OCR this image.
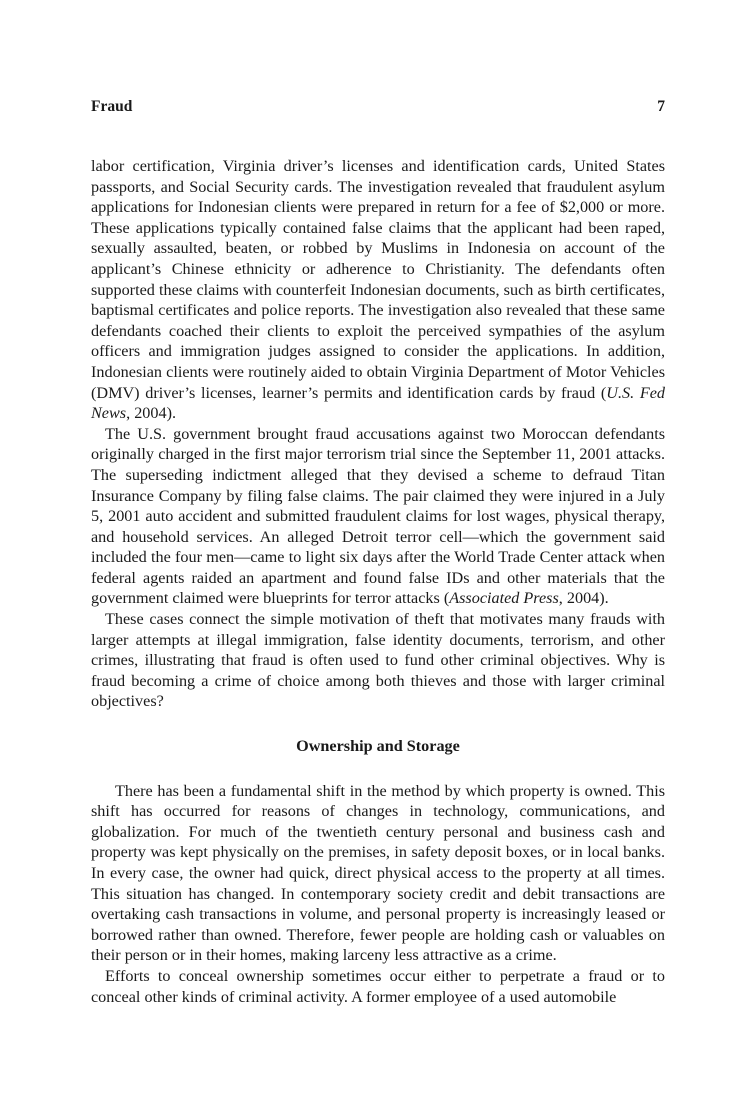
Fraud	7

labor certification, Virginia driver’s licenses and identification cards, United States passports, and Social Security cards. The investigation revealed that fraudulent asylum applications for Indonesian clients were prepared in return for a fee of $2,000 or more. These applications typically contained false claims that the applicant had been raped, sexually assaulted, beaten, or robbed by Muslims in Indonesia on account of the applicant’s Chinese ethnicity or adherence to Christianity. The defendants often supported these claims with counterfeit Indonesian documents, such as birth certificates, baptismal certificates and police reports. The investigation also revealed that these same defendants coached their clients to exploit the perceived sympathies of the asylum officers and immigration judges assigned to consider the applications. In addition, Indonesian clients were routinely aided to obtain Virginia Department of Motor Vehicles (DMV) driver’s licenses, learner’s permits and identification cards by fraud (U.S. Fed News, 2004).

The U.S. government brought fraud accusations against two Moroccan defendants originally charged in the first major terrorism trial since the September 11, 2001 attacks. The superseding indictment alleged that they devised a scheme to defraud Titan Insurance Company by filing false claims. The pair claimed they were injured in a July 5, 2001 auto accident and submitted fraudulent claims for lost wages, physical therapy, and household services. An alleged Detroit terror cell—which the government said included the four men—came to light six days after the World Trade Center attack when federal agents raided an apartment and found false IDs and other materials that the government claimed were blueprints for terror attacks (Associated Press, 2004).

These cases connect the simple motivation of theft that motivates many frauds with larger attempts at illegal immigration, false identity documents, terrorism, and other crimes, illustrating that fraud is often used to fund other criminal objectives. Why is fraud becoming a crime of choice among both thieves and those with larger criminal objectives?

Ownership and Storage

There has been a fundamental shift in the method by which property is owned. This shift has occurred for reasons of changes in technology, communications, and globalization. For much of the twentieth century personal and business cash and property was kept physically on the premises, in safety deposit boxes, or in local banks. In every case, the owner had quick, direct physical access to the property at all times. This situation has changed. In contemporary society credit and debit transactions are overtaking cash transactions in volume, and personal property is increasingly leased or borrowed rather than owned. Therefore, fewer people are holding cash or valuables on their person or in their homes, making larceny less attractive as a crime.

Efforts to conceal ownership sometimes occur either to perpetrate a fraud or to conceal other kinds of criminal activity. A former employee of a used automobile
